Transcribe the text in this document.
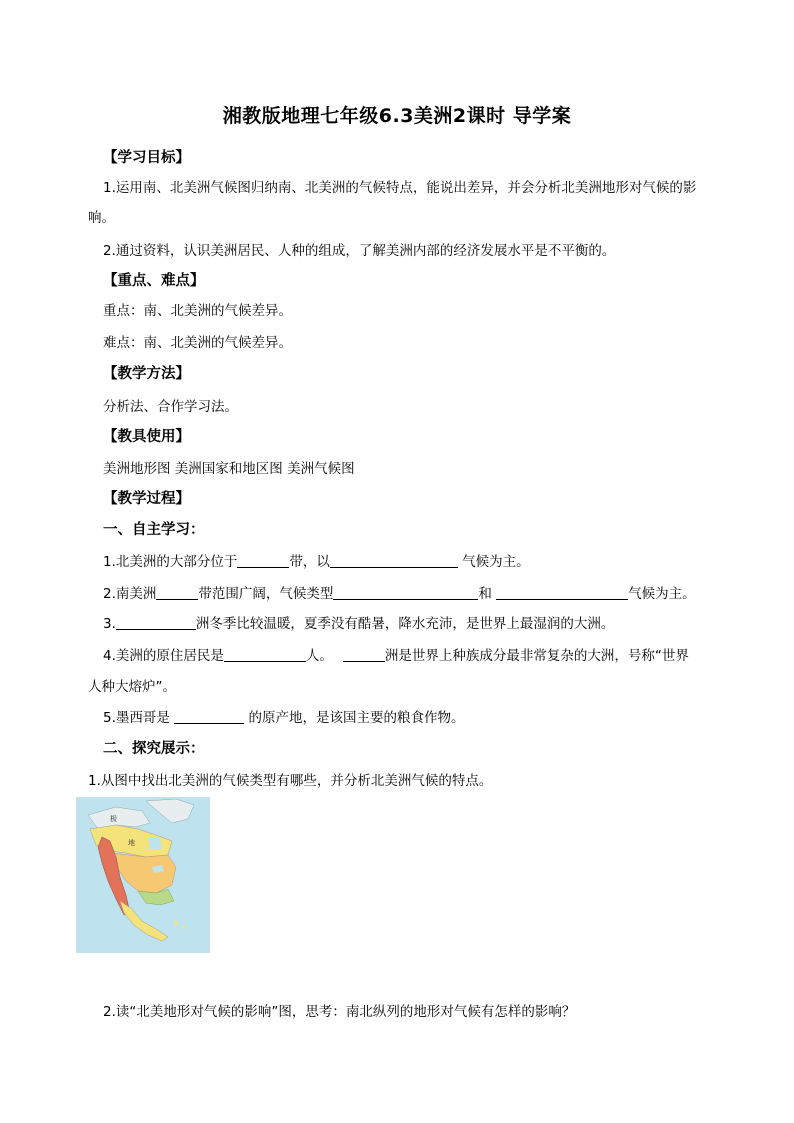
湘教版地理七年级6.3美洲2课时 导学案
【学习目标】
1.运用南、北美洲气候图归纳南、北美洲的气候特点，能说出差异，并会分析北美洲地形对气候的影
响。
2.通过资料，认识美洲居民、人种的组成，了解美洲内部的经济发展水平是不平衡的。
【重点、难点】
重点：南、北美洲的气候差异。
难点：南、北美洲的气候差异。
【教学方法】
分析法、合作学习法。
【教具使用】
美洲地形图 美洲国家和地区图 美洲气候图
【教学过程】
一、自主学习：
1.北美洲的大部分位于	带，以	气候为主。
2.南美洲	带范围广阔，气候类型	和	气候为主。
3.	洲冬季比较温暖，夏季没有酷暑，降水充沛，是世界上最湿润的大洲。
4.美洲的原住居民是	人。	洲是世界上种族成分最非常复杂的大洲，号称“世界
人种大熔炉”。
5.墨西哥是	的原产地，是该国主要的粮食作物。
二、探究展示：
1.从图中找出北美洲的气候类型有哪些，并分析北美洲气候的特点。
极
地
2.读“北美地形对气候的影响”图，思考：南北纵列的地形对气候有怎样的影响？
